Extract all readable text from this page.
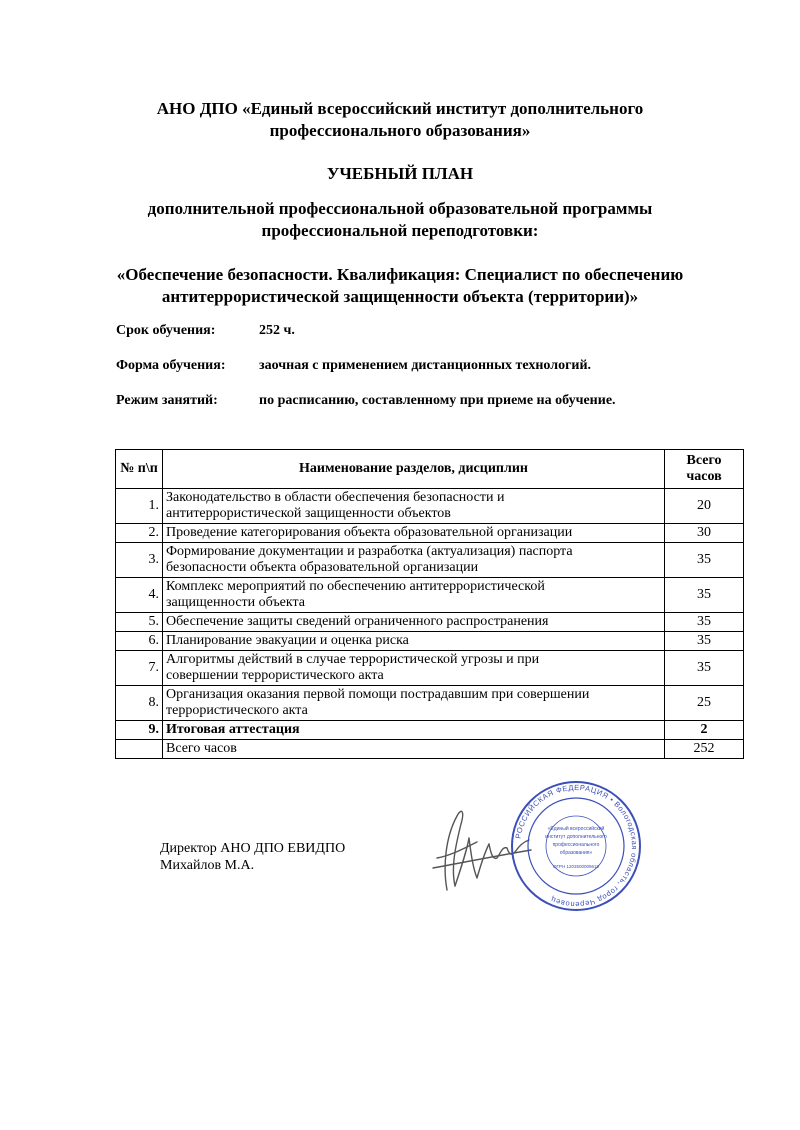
АНО ДПО «Единый всероссийский институт дополнительного
профессионального образования»
УЧЕБНЫЙ ПЛАН
дополнительной профессиональной образовательной программы
профессиональной переподготовки:
«Обеспечение безопасности. Квалификация: Специалист по обеспечению
антитеррористической защищенности объекта (территории)»
Срок обучения:	252 ч.
Форма обучения: заочная с применением дистанционных технологий.
Режим занятий:	по расписанию, составленному при приеме на обучение.
№ п\п	Наименование разделов, дисциплин	Всего
часов

1.	Законодательство в области обеспечения безопасности и
антитеррористической защищенности объектов	20
2.	Проведение категорирования объекта образовательной организации	30
3.	Формирование документации и разработка (актуализация) паспорта
безопасности объекта образовательной организации	35
4.	Комплекс мероприятий по обеспечению антитеррористической
защищенности объекта	35
5.	Обеспечение защиты сведений ограниченного распространения	35
6.	Планирование эвакуации и оценка риска	35
7.	Алгоритмы действий в случае террористической угрозы и при
совершении террористического акта	35
8.	Организация оказания первой помощи пострадавшим при совершении
террористического акта	25
9.	Итоговая аттестация	2
	Всего часов	252
Директор АНО ДПО ЕВИДПО
Михайлов М.А.
РОССИЙСКАЯ ФЕДЕРАЦИЯ • Вологодская область, город Череповец
«Единый всероссийский
институт дополнительного
профессионального
образования»
ОГРН 1203500009619
